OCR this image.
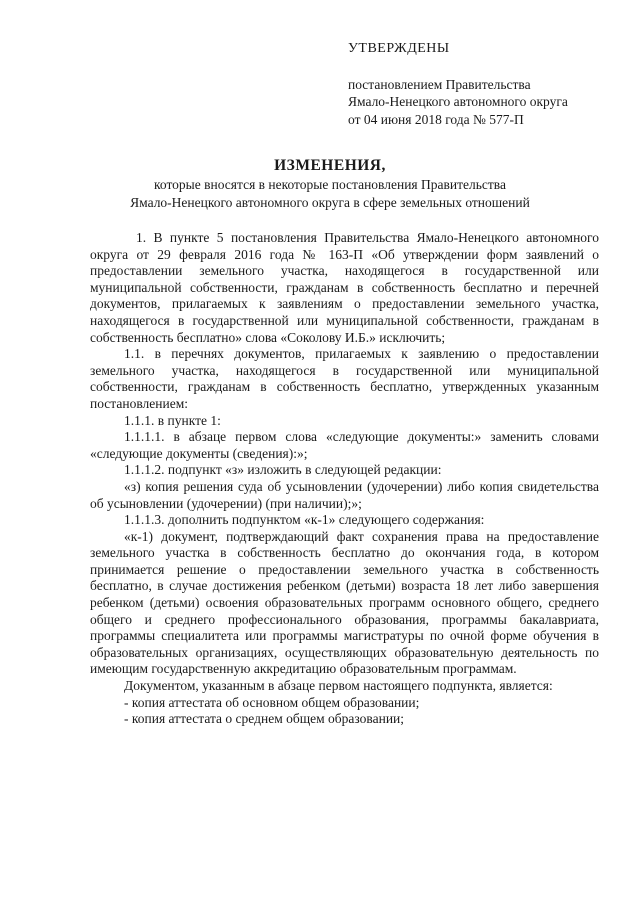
УТВЕРЖДЕНЫ
постановлением Правительства
Ямало-Ненецкого автономного округа
от 04 июня 2018 года № 577-П
ИЗМЕНЕНИЯ,
которые вносятся в некоторые постановления Правительства
Ямало-Ненецкого автономного округа в сфере земельных отношений

1. В пункте 5 постановления Правительства Ямало-Ненецкого автономного округа от 29 февраля 2016 года № 163-П «Об утверждении форм заявлений о предоставлении земельного участка, находящегося в государственной или муниципальной собственности, гражданам в собственность бесплатно и перечней документов, прилагаемых к заявлениям о предоставлении земельного участка, находящегося в государственной или муниципальной собственности, гражданам в собственность бесплатно» слова «Соколову И.Б.» исключить;

1.1. в перечнях документов, прилагаемых к заявлению о предоставлении земельного участка, находящегося в государственной или муниципальной собственности, гражданам в собственность бесплатно, утвержденных указанным постановлением:

1.1.1. в пункте 1:

1.1.1.1. в абзаце первом слова «следующие документы:» заменить словами «следующие документы (сведения):»;

1.1.1.2. подпункт «з» изложить в следующей редакции:

«з) копия решения суда об усыновлении (удочерении) либо копия свидетельства об усыновлении (удочерении) (при наличии);»;

1.1.1.3. дополнить подпунктом «к-1» следующего содержания:

«к-1) документ, подтверждающий факт сохранения права на предоставление земельного участка в собственность бесплатно до окончания года, в котором принимается решение о предоставлении земельного участка в собственность бесплатно, в случае достижения ребенком (детьми) возраста 18 лет либо завершения ребенком (детьми) освоения образовательных программ основного общего, среднего общего и среднего профессионального образования, программы бакалавриата, программы специалитета или программы магистратуры по очной форме обучения в образовательных организациях, осуществляющих образовательную деятельность по имеющим государственную аккредитацию образовательным программам.

Документом, указанным в абзаце первом настоящего подпункта, является:

- копия аттестата об основном общем образовании;

- копия аттестата о среднем общем образовании;
